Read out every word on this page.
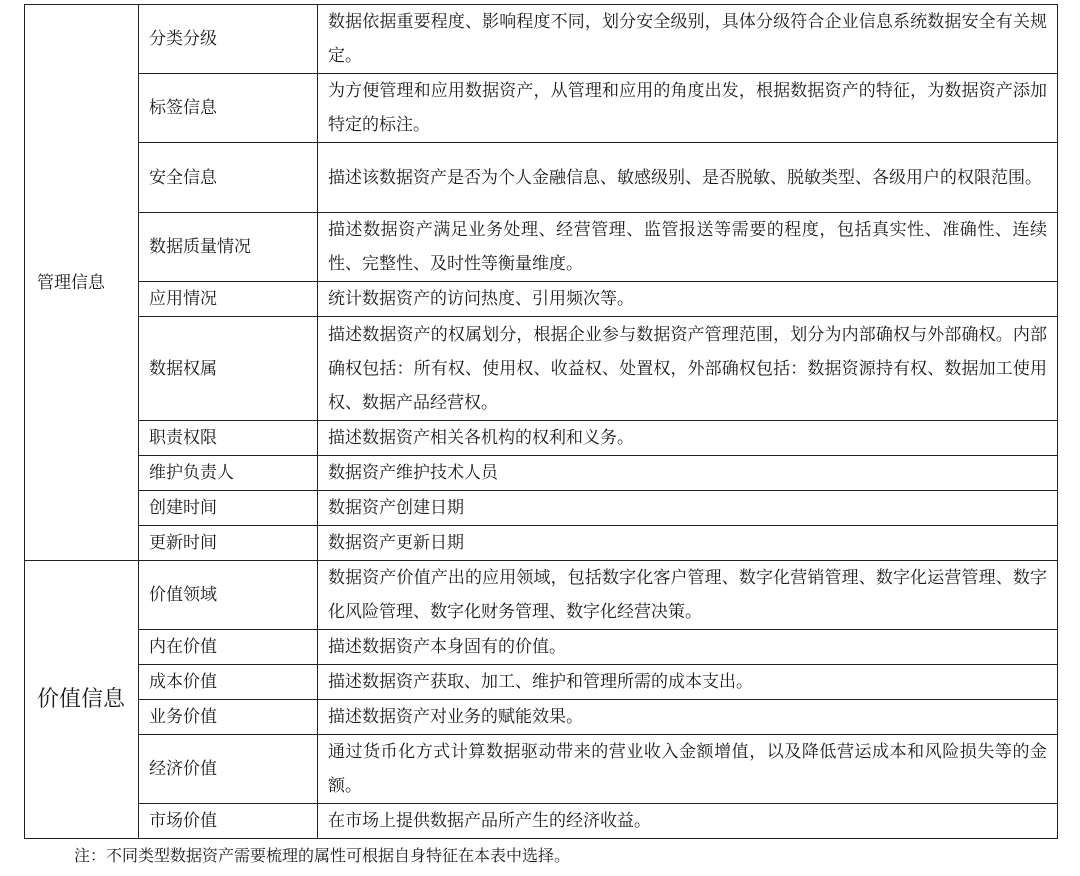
管理信息	分类分级	数据依据重要程度、影响程度不同，划分安全级别，具体分级符合企业信息系统数据安全有关规定。
	标签信息	为方便管理和应用数据资产，从管理和应用的角度出发，根据数据资产的特征，为数据资产添加特定的标注。
	安全信息	描述该数据资产是否为个人金融信息、敏感级别、是否脱敏、脱敏类型、各级用户的权限范围。
	数据质量情况	描述数据资产满足业务处理、经营管理、监管报送等需要的程度，包括真实性、准确性、连续性、完整性、及时性等衡量维度。
	应用情况	统计数据资产的访问热度、引用频次等。
	数据权属	描述数据资产的权属划分，根据企业参与数据资产管理范围，划分为内部确权与外部确权。内部确权包括：所有权、使用权、收益权、处置权，外部确权包括：数据资源持有权、数据加工使用权、数据产品经营权。
	职责权限	描述数据资产相关各机构的权利和义务。
	维护负责人	数据资产维护技术人员
	创建时间	数据资产创建日期
	更新时间	数据资产更新日期
价值信息	价值领域	数据资产价值产出的应用领域，包括数字化客户管理、数字化营销管理、数字化运营管理、数字化风险管理、数字化财务管理、数字化经营决策。
	内在价值	描述数据资产本身固有的价值。
	成本价值	描述数据资产获取、加工、维护和管理所需的成本支出。
	业务价值	描述数据资产对业务的赋能效果。
	经济价值	通过货币化方式计算数据驱动带来的营业收入金额增值，以及降低营运成本和风险损失等的金额。
	市场价值	在市场上提供数据产品所产生的经济收益。
注：不同类型数据资产需要梳理的属性可根据自身特征在本表中选择。
